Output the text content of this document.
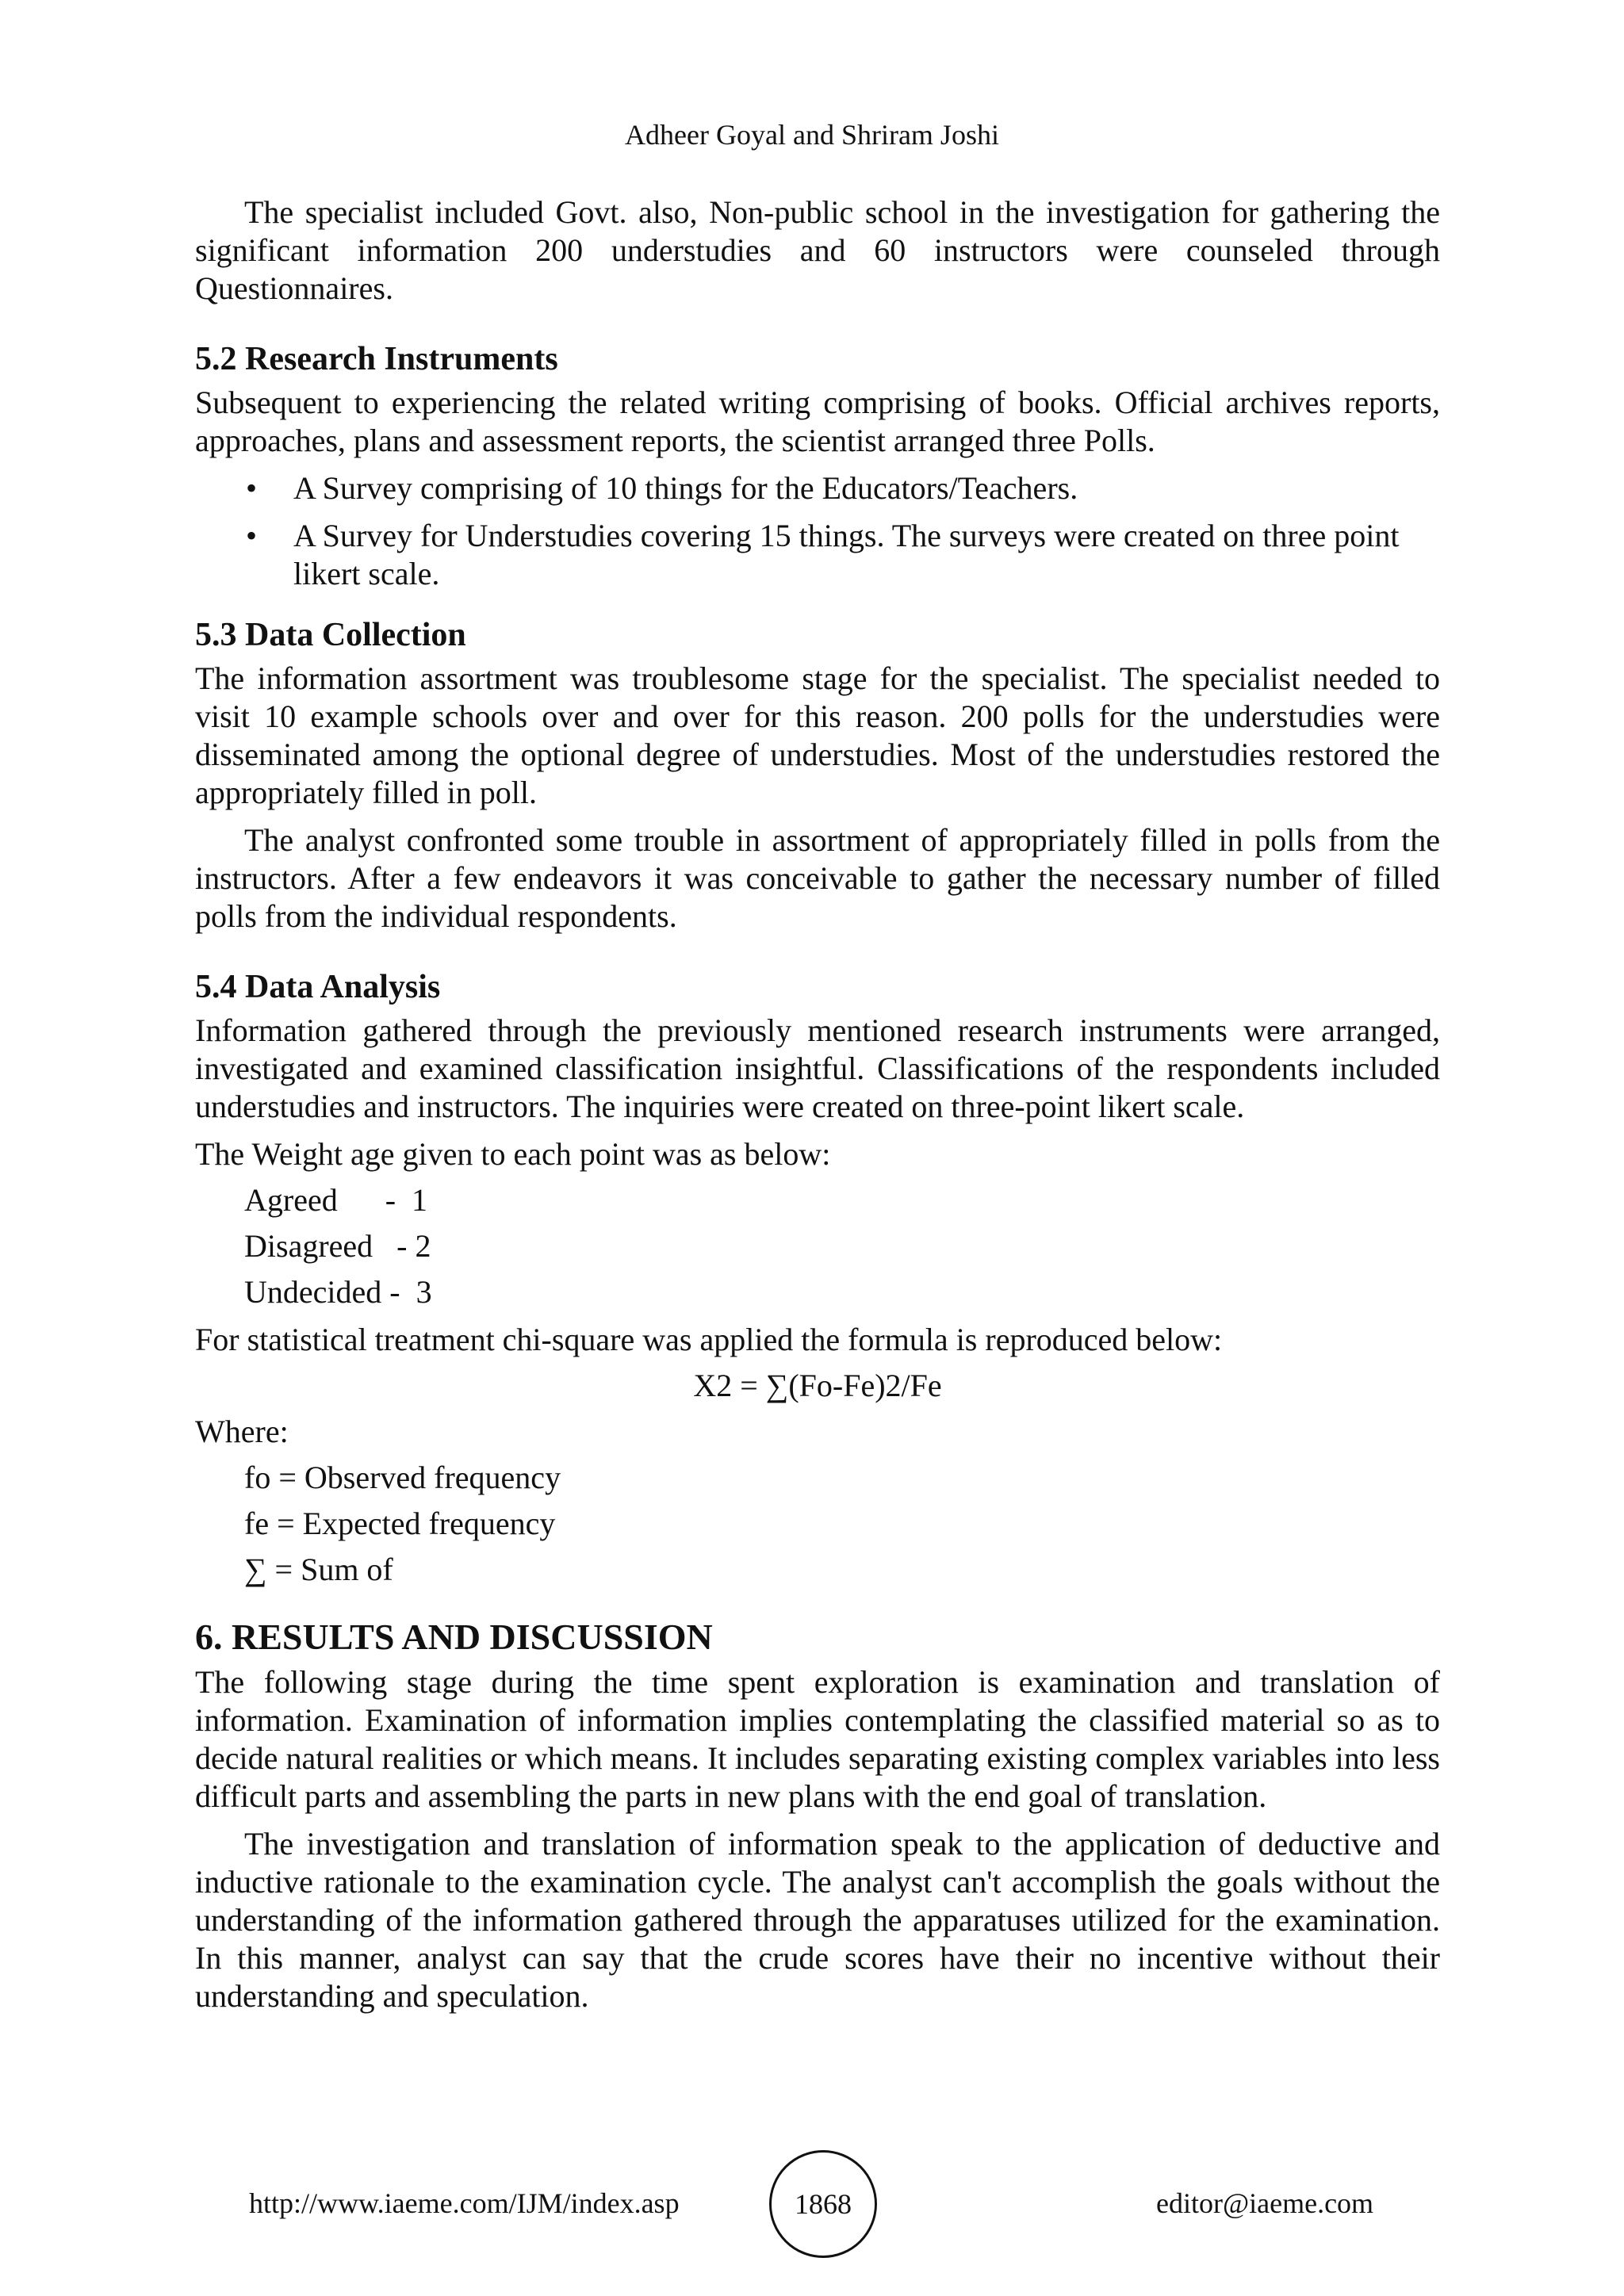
Adheer Goyal and Shriram Joshi

The specialist included Govt. also, Non-public school in the investigation for gathering the significant information 200 understudies and 60 instructors were counseled through Questionnaires.

5.2 Research Instruments

Subsequent to experiencing the related writing comprising of books. Official archives reports, approaches, plans and assessment reports, the scientist arranged three Polls.

• A Survey comprising of 10 things for the Educators/Teachers.
• A Survey for Understudies covering 15 things. The surveys were created on three point likert scale.
5.3 Data Collection

The information assortment was troublesome stage for the specialist. The specialist needed to visit 10 example schools over and over for this reason. 200 polls for the understudies were disseminated among the optional degree of understudies. Most of the understudies restored the appropriately filled in poll.

The analyst confronted some trouble in assortment of appropriately filled in polls from the instructors. After a few endeavors it was conceivable to gather the necessary number of filled polls from the individual respondents.

5.4 Data Analysis

Information gathered through the previously mentioned research instruments were arranged, investigated and examined classification insightful. Classifications of the respondents included understudies and instructors. The inquiries were created on three-point likert scale.

The Weight age given to each point was as below:

Agreed      -  1
Disagreed   - 2
Undecided -  3

For statistical treatment chi-square was applied the formula is reproduced below:

X2 = ∑(Fo-Fe)2/Fe

Where:

fo = Observed frequency
fe = Expected frequency
∑ = Sum of
6. RESULTS AND DISCUSSION

The following stage during the time spent exploration is examination and translation of information. Examination of information implies contemplating the classified material so as to decide natural realities or which means. It includes separating existing complex variables into less difficult parts and assembling the parts in new plans with the end goal of translation.

The investigation and translation of information speak to the application of deductive and inductive rationale to the examination cycle. The analyst can't accomplish the goals without the understanding of the information gathered through the apparatuses utilized for the examination. In this manner, analyst can say that the crude scores have their no incentive without their understanding and speculation.

http://www.iaeme.com/IJM/index.asp	1868	editor@iaeme.com
